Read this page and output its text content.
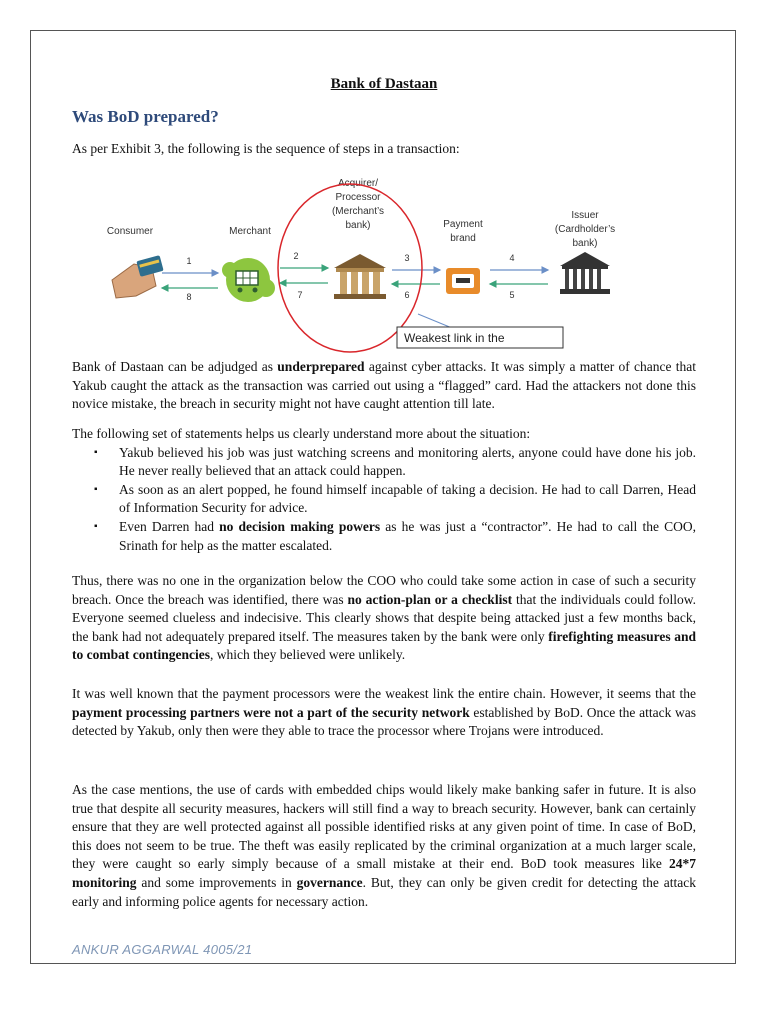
Bank of Dastaan
Was BoD prepared?
As per Exhibit 3, the following is the sequence of steps in a transaction:
Consumer	Merchant
Acquirer/
Processor
(Merchant’s
bank)	Payment
brand
Issuer
(Cardholder’s
bank)
1	2	3	4
5
6
7
8
Weakest link in the

Bank of Dastaan can be adjudged as underprepared against cyber attacks. It was simply a matter of chance that Yakub caught the attack as the transaction was carried out using a “flagged” card. Had the attackers not done this novice mistake, the breach in security might not have caught attention till late.

The following set of statements helps us clearly understand more about the situation:

▪ Yakub believed his job was just watching screens and monitoring alerts, anyone could have done his job. He never really believed that an attack could happen.
▪ As soon as an alert popped, he found himself incapable of taking a decision. He had to call Darren, Head of Information Security for advice.
▪ Even Darren had no decision making powers as he was just a “contractor”. He had to call the COO, Srinath for help as the matter escalated.

Thus, there was no one in the organization below the COO who could take some action in case of such a security breach. Once the breach was identified, there was no action-plan or a checklist that the individuals could follow. Everyone seemed clueless and indecisive. This clearly shows that despite being attacked just a few months back, the bank had not adequately prepared itself. The measures taken by the bank were only firefighting measures and to combat contingencies, which they believed were unlikely.

It was well known that the payment processors were the weakest link the entire chain. However, it seems that the payment processing partners were not a part of the security network established by BoD. Once the attack was detected by Yakub, only then were they able to trace the processor where Trojans were introduced.

As the case mentions, the use of cards with embedded chips would likely make banking safer in future. It is also true that despite all security measures, hackers will still find a way to breach security. However, bank can certainly ensure that they are well protected against all possible identified risks at any given point of time. In case of BoD, this does not seem to be true. The theft was easily replicated by the criminal organization at a much larger scale, they were caught so early simply because of a small mistake at their end. BoD took measures like 24*7 monitoring and some improvements in governance. But, they can only be given credit for detecting the attack early and informing police agents for necessary action.

ANKUR AGGARWAL 4005/21
